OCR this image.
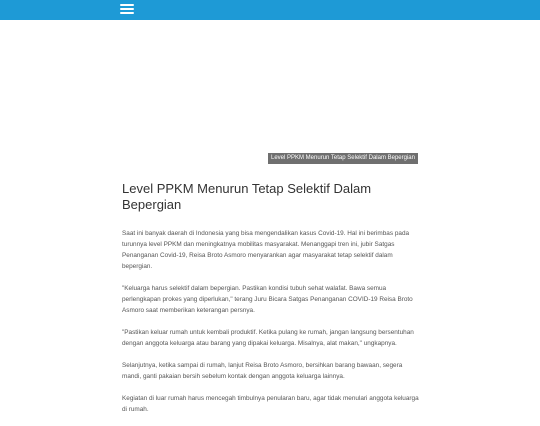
Level PPKM Menurun Tetap Selektif Dalam Bepergian
Level PPKM Menurun Tetap Selektif Dalam Bepergian

Saat ini banyak daerah di Indonesia yang bisa mengendalikan kasus Covid-19. Hal ini berimbas pada turunnya level PPKM dan meningkatnya mobilitas masyarakat. Menanggapi tren ini, jubir Satgas Penanganan Covid-19, Reisa Broto Asmoro menyarankan agar masyarakat tetap selektif dalam bepergian.

"Keluarga harus selektif dalam bepergian. Pastikan kondisi tubuh sehat walafat. Bawa semua perlengkapan prokes yang diperlukan," terang Juru Bicara Satgas Penanganan COVID-19 Reisa Broto Asmoro saat memberikan keterangan persnya.

"Pastikan keluar rumah untuk kembali produktif. Ketika pulang ke rumah, jangan langsung bersentuhan dengan anggota keluarga atau barang yang dipakai keluarga. Misalnya, alat makan," ungkapnya.

Selanjutnya, ketika sampai di rumah, lanjut Reisa Broto Asmoro, bersihkan barang bawaan, segera mandi, ganti pakaian bersih sebelum kontak dengan anggota keluarga lainnya.

Kegiatan di luar rumah harus mencegah timbulnya penularan baru, agar tidak menulari anggota keluarga di rumah.
